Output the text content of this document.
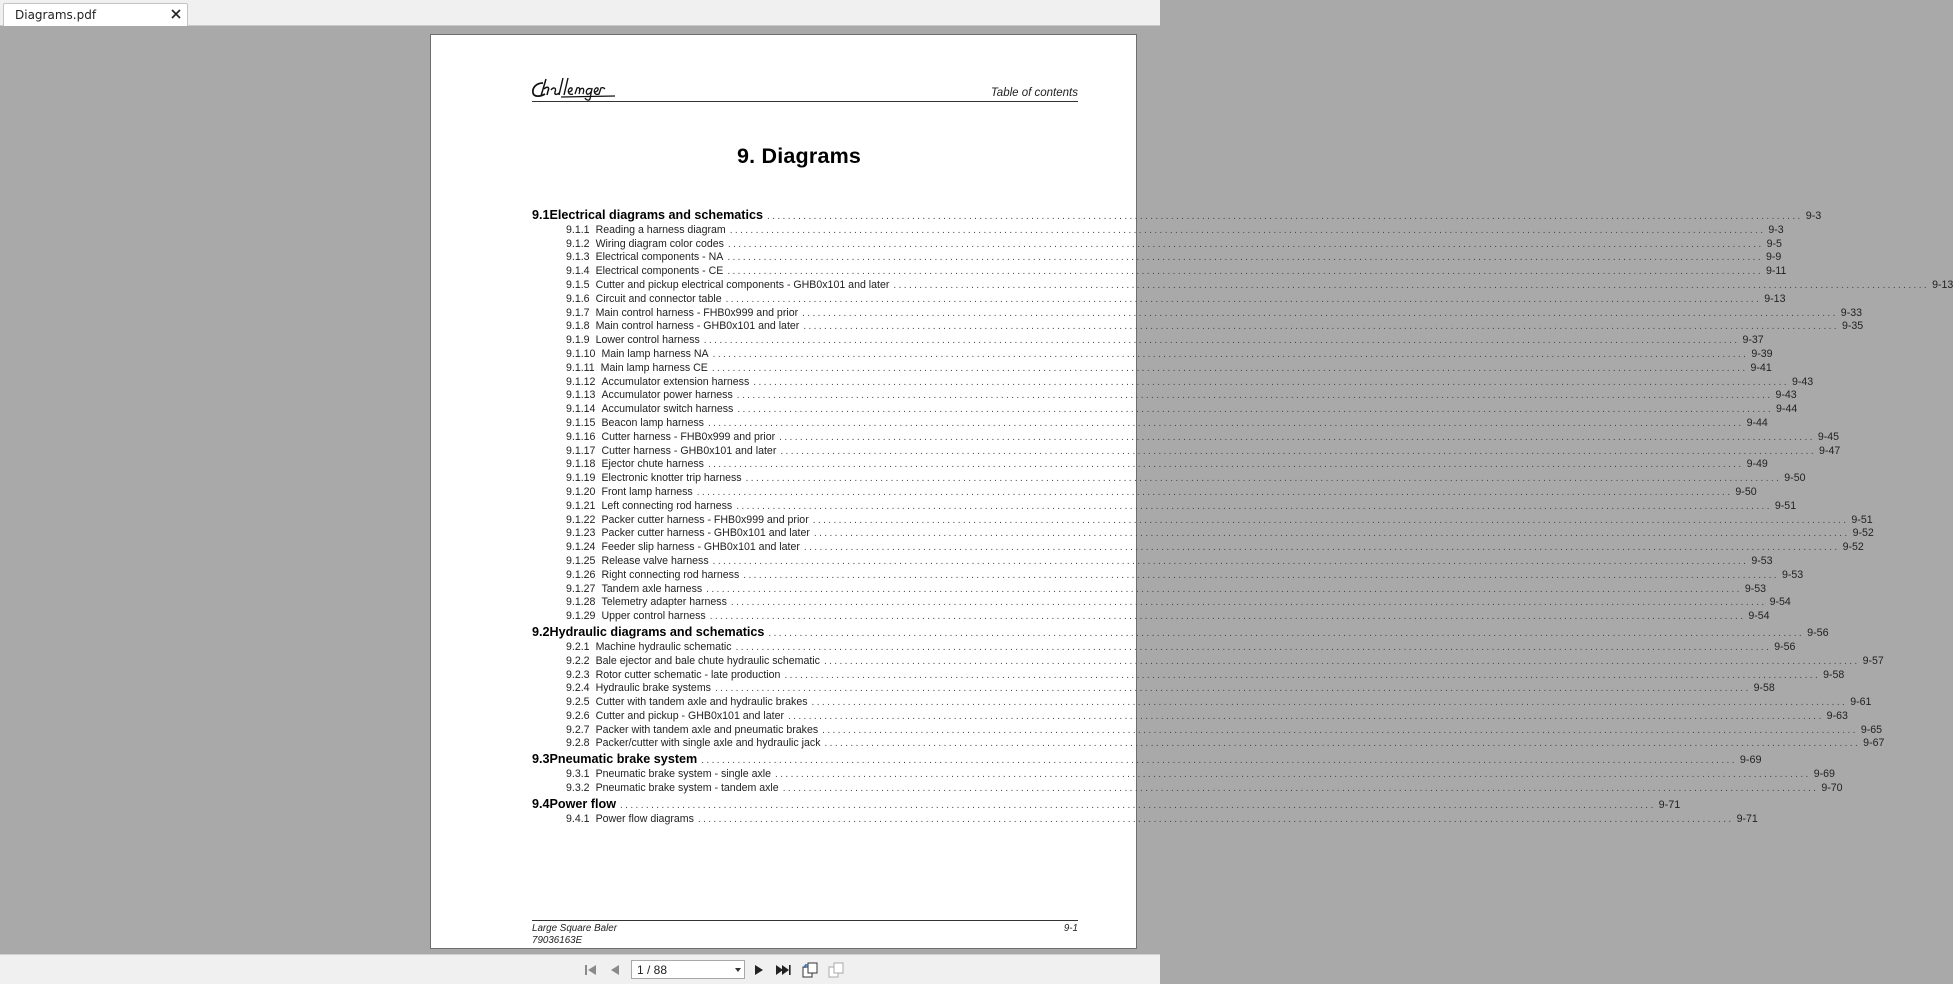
Diagrams.pdf
Table of contents
9. Diagrams
9.1 Electrical diagrams and schematics ........................................................................................................................................................................................................ 9-3
9.1.1 Reading a harness diagram ........................................................................................................................................................................................................ 9-3
9.1.2 Wiring diagram color codes ........................................................................................................................................................................................................ 9-5
9.1.3 Electrical components - NA ........................................................................................................................................................................................................ 9-9
9.1.4 Electrical components - CE ........................................................................................................................................................................................................ 9-11
9.1.5 Cutter and pickup electrical components - GHB0x101 and later ........................................................................................................................................................................................................ 9-13
9.1.6 Circuit and connector table ........................................................................................................................................................................................................ 9-13
9.1.7 Main control harness - FHB0x999 and prior ........................................................................................................................................................................................................ 9-33
9.1.8 Main control harness - GHB0x101 and later ........................................................................................................................................................................................................ 9-35
9.1.9 Lower control harness ........................................................................................................................................................................................................ 9-37
9.1.10 Main lamp harness NA ........................................................................................................................................................................................................ 9-39
9.1.11 Main lamp harness CE ........................................................................................................................................................................................................ 9-41
9.1.12 Accumulator extension harness ........................................................................................................................................................................................................ 9-43
9.1.13 Accumulator power harness ........................................................................................................................................................................................................ 9-43
9.1.14 Accumulator switch harness ........................................................................................................................................................................................................ 9-44
9.1.15 Beacon lamp harness ........................................................................................................................................................................................................ 9-44
9.1.16 Cutter harness - FHB0x999 and prior ........................................................................................................................................................................................................ 9-45
9.1.17 Cutter harness - GHB0x101 and later ........................................................................................................................................................................................................ 9-47
9.1.18 Ejector chute harness ........................................................................................................................................................................................................ 9-49
9.1.19 Electronic knotter trip harness ........................................................................................................................................................................................................ 9-50
9.1.20 Front lamp harness ........................................................................................................................................................................................................ 9-50
9.1.21 Left connecting rod harness ........................................................................................................................................................................................................ 9-51
9.1.22 Packer cutter harness - FHB0x999 and prior ........................................................................................................................................................................................................ 9-51
9.1.23 Packer cutter harness - GHB0x101 and later ........................................................................................................................................................................................................ 9-52
9.1.24 Feeder slip harness - GHB0x101 and later ........................................................................................................................................................................................................ 9-52
9.1.25 Release valve harness ........................................................................................................................................................................................................ 9-53
9.1.26 Right connecting rod harness ........................................................................................................................................................................................................ 9-53
9.1.27 Tandem axle harness ........................................................................................................................................................................................................ 9-53
9.1.28 Telemetry adapter harness ........................................................................................................................................................................................................ 9-54
9.1.29 Upper control harness ........................................................................................................................................................................................................ 9-54
9.2 Hydraulic diagrams and schematics ........................................................................................................................................................................................................ 9-56
9.2.1 Machine hydraulic schematic ........................................................................................................................................................................................................ 9-56
9.2.2 Bale ejector and bale chute hydraulic schematic ........................................................................................................................................................................................................ 9-57
9.2.3 Rotor cutter schematic - late production ........................................................................................................................................................................................................ 9-58
9.2.4 Hydraulic brake systems ........................................................................................................................................................................................................ 9-58
9.2.5 Cutter with tandem axle and hydraulic brakes ........................................................................................................................................................................................................ 9-61
9.2.6 Cutter and pickup - GHB0x101 and later ........................................................................................................................................................................................................ 9-63
9.2.7 Packer with tandem axle and pneumatic brakes ........................................................................................................................................................................................................ 9-65
9.2.8 Packer/cutter with single axle and hydraulic jack ........................................................................................................................................................................................................ 9-67
9.3 Pneumatic brake system ........................................................................................................................................................................................................ 9-69
9.3.1 Pneumatic brake system - single axle ........................................................................................................................................................................................................ 9-69
9.3.2 Pneumatic brake system - tandem axle ........................................................................................................................................................................................................ 9-70
9.4 Power flow ........................................................................................................................................................................................................ 9-71
9.4.1 Power flow diagrams ........................................................................................................................................................................................................ 9-71
Large Square Baler
79036163E
9-1
1 / 88
